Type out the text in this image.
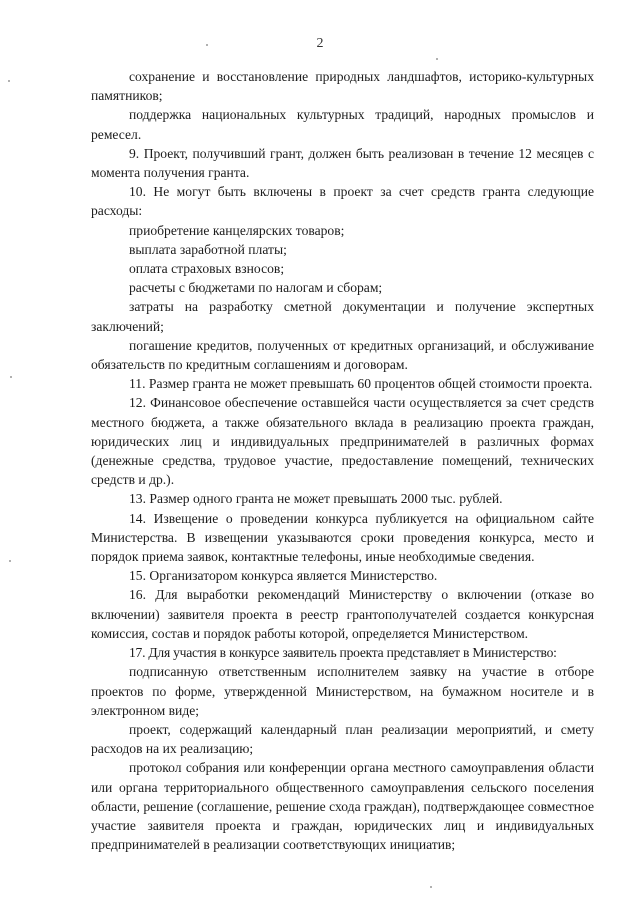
2

сохранение и восстановление природных ландшафтов, историко-культурных памятников;

поддержка национальных культурных традиций, народных промыслов и ремесел.

9. Проект, получивший грант, должен быть реализован в течение 12 месяцев с момента получения гранта.

10. Не могут быть включены в проект за счет средств гранта следующие расходы:

приобретение канцелярских товаров;

выплата заработной платы;

оплата страховых взносов;

расчеты с бюджетами по налогам и сборам;

затраты на разработку сметной документации и получение экспертных заключений;

погашение кредитов, полученных от кредитных организаций, и обслуживание обязательств по кредитным соглашениям и договорам.

11. Размер гранта не может превышать 60 процентов общей стоимости проекта.

12. Финансовое обеспечение оставшейся части осуществляется за счет средств местного бюджета, а также обязательного вклада в реализацию проекта граждан, юридических лиц и индивидуальных предпринимателей в различных формах (денежные средства, трудовое участие, предоставление помещений, технических средств и др.).

13. Размер одного гранта не может превышать 2000 тыс. рублей.

14. Извещение о проведении конкурса публикуется на официальном сайте Министерства. В извещении указываются сроки проведения конкурса, место и порядок приема заявок, контактные телефоны, иные необходимые сведения.

15. Организатором конкурса является Министерство.

16. Для выработки рекомендаций Министерству о включении (отказе во включении) заявителя проекта в реестр грантополучателей создается конкурсная комиссия, состав и порядок работы которой, определяется Министерством.

17. Для участия в конкурсе заявитель проекта представляет в Министерство:

подписанную ответственным исполнителем заявку на участие в отборе проектов по форме, утвержденной Министерством, на бумажном носителе и в электронном виде;

проект, содержащий календарный план реализации мероприятий, и смету расходов на их реализацию;

протокол собрания или конференции органа местного самоуправления области или органа территориального общественного самоуправления сельского поселения области, решение (соглашение, решение схода граждан), подтверждающее совместное участие заявителя проекта и граждан, юридических лиц и индивидуальных предпринимателей в реализации соответствующих инициатив;
